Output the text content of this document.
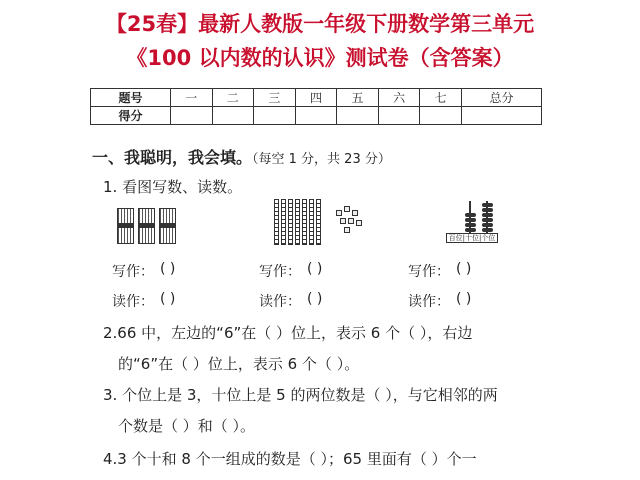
【25春】最新人教版一年级下册数学第三单元
《100 以内数的认识》测试卷（含答案）
题号	一	二	三	四	五	六	七	总分
得分								
一、我聪明，我会填。（每空 1 分，共 23 分）
1. 看图写数、读数。
百位|十位|个位
写作： ( )	写作： ( )	写作： ( )
读作： ( )	读作： ( )	读作： ( )
2.66 中，左边的“6”在（ ）位上，表示 6 个（ ），右边
的“6”在（ ）位上，表示 6 个（ ）。
3. 个位上是 3，十位上是 5 的两位数是（ ），与它相邻的两
个数是（ ）和（ ）。
4.3 个十和 8 个一组成的数是（ ）；65 里面有（ ）个一
